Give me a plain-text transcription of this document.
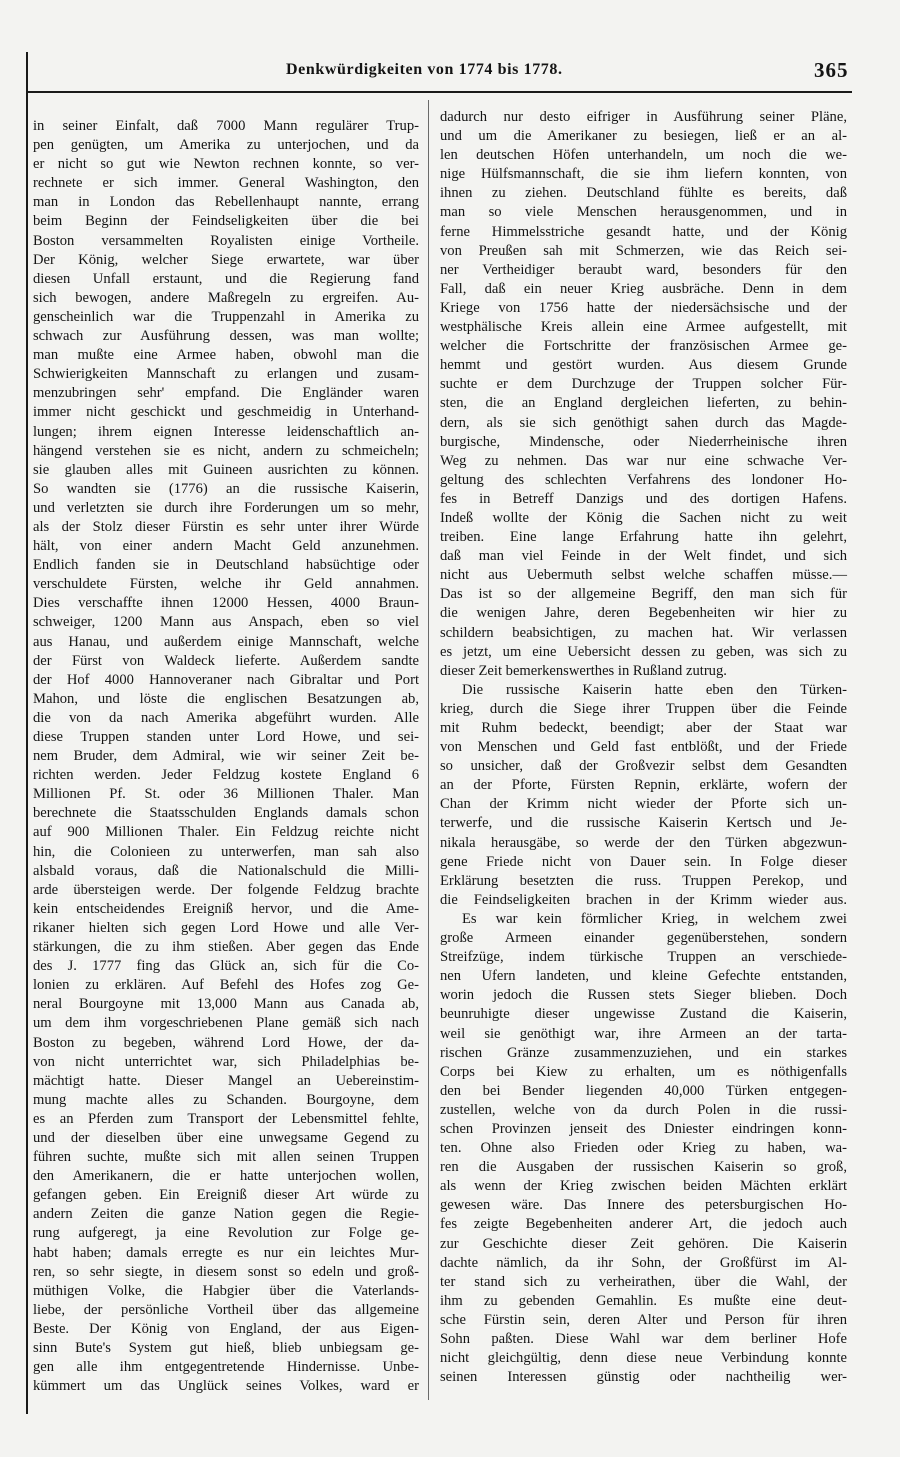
Denkwürdigkeiten von 1774 bis 1778.	365
in seiner Einfalt, daß 7000 Mann regulärer Trup-
pen genügten, um Amerika zu unterjochen, und da
er nicht so gut wie Newton rechnen konnte, so ver-
rechnete er sich immer. General Washington, den
man in London das Rebellenhaupt nannte, errang
beim Beginn der Feindseligkeiten über die bei
Boston versammelten Royalisten einige Vortheile.
Der König, welcher Siege erwartete, war über
diesen Unfall erstaunt, und die Regierung fand
sich bewogen, andere Maßregeln zu ergreifen. Au-
genscheinlich war die Truppenzahl in Amerika zu
schwach zur Ausführung dessen, was man wollte;
man mußte eine Armee haben, obwohl man die
Schwierigkeiten Mannschaft zu erlangen und zusam-
menzubringen sehr' empfand. Die Engländer waren
immer nicht geschickt und geschmeidig in Unterhand-
lungen; ihrem eignen Interesse leidenschaftlich an-
hängend verstehen sie es nicht, andern zu schmeicheln;
sie glauben alles mit Guineen ausrichten zu können.
So wandten sie (1776) an die russische Kaiserin,
und verletzten sie durch ihre Forderungen um so mehr,
als der Stolz dieser Fürstin es sehr unter ihrer Würde
hält, von einer andern Macht Geld anzunehmen.
Endlich fanden sie in Deutschland habsüchtige oder
verschuldete Fürsten, welche ihr Geld annahmen.
Dies verschaffte ihnen 12000 Hessen, 4000 Braun-
schweiger, 1200 Mann aus Anspach, eben so viel
aus Hanau, und außerdem einige Mannschaft, welche
der Fürst von Waldeck lieferte. Außerdem sandte
der Hof 4000 Hannoveraner nach Gibraltar und Port
Mahon, und löste die englischen Besatzungen ab,
die von da nach Amerika abgeführt wurden. Alle
diese Truppen standen unter Lord Howe, und sei-
nem Bruder, dem Admiral, wie wir seiner Zeit be-
richten werden. Jeder Feldzug kostete England 6
Millionen Pf. St. oder 36 Millionen Thaler. Man
berechnete die Staatsschulden Englands damals schon
auf 900 Millionen Thaler. Ein Feldzug reichte nicht
hin, die Colonieen zu unterwerfen, man sah also
alsbald voraus, daß die Nationalschuld die Milli-
arde übersteigen werde. Der folgende Feldzug brachte
kein entscheidendes Ereigniß hervor, und die Ame-
rikaner hielten sich gegen Lord Howe und alle Ver-
stärkungen, die zu ihm stießen. Aber gegen das Ende
des J. 1777 fing das Glück an, sich für die Co-
lonien zu erklären. Auf Befehl des Hofes zog Ge-
neral Bourgoyne mit 13,000 Mann aus Canada ab,
um dem ihm vorgeschriebenen Plane gemäß sich nach
Boston zu begeben, während Lord Howe, der da-
von nicht unterrichtet war, sich Philadelphias be-
mächtigt hatte. Dieser Mangel an Uebereinstim-
mung machte alles zu Schanden. Bourgoyne, dem
es an Pferden zum Transport der Lebensmittel fehlte,
und der dieselben über eine unwegsame Gegend zu
führen suchte, mußte sich mit allen seinen Truppen
den Amerikanern, die er hatte unterjochen wollen,
gefangen geben. Ein Ereigniß dieser Art würde zu
andern Zeiten die ganze Nation gegen die Regie-
rung aufgeregt, ja eine Revolution zur Folge ge-
habt haben; damals erregte es nur ein leichtes Mur-
ren, so sehr siegte, in diesem sonst so edeln und groß-
müthigen Volke, die Habgier über die Vaterlands-
liebe, der persönliche Vortheil über das allgemeine
Beste. Der König von England, der aus Eigen-
sinn Bute's System gut hieß, blieb unbiegsam ge-
gen alle ihm entgegentretende Hindernisse. Unbe-
kümmert um das Unglück seines Volkes, ward er
dadurch nur desto eifriger in Ausführung seiner Pläne,
und um die Amerikaner zu besiegen, ließ er an al-
len deutschen Höfen unterhandeln, um noch die we-
nige Hülfsmannschaft, die sie ihm liefern konnten, von
ihnen zu ziehen. Deutschland fühlte es bereits, daß
man so viele Menschen herausgenommen, und in
ferne Himmelsstriche gesandt hatte, und der König
von Preußen sah mit Schmerzen, wie das Reich sei-
ner Vertheidiger beraubt ward, besonders für den
Fall, daß ein neuer Krieg ausbräche. Denn in dem
Kriege von 1756 hatte der niedersächsische und der
westphälische Kreis allein eine Armee aufgestellt, mit
welcher die Fortschritte der französischen Armee ge-
hemmt und gestört wurden. Aus diesem Grunde
suchte er dem Durchzuge der Truppen solcher Für-
sten, die an England dergleichen lieferten, zu behin-
dern, als sie sich genöthigt sahen durch das Magde-
burgische, Mindensche, oder Niederrheinische ihren
Weg zu nehmen. Das war nur eine schwache Ver-
geltung des schlechten Verfahrens des londoner Ho-
fes in Betreff Danzigs und des dortigen Hafens.
Indeß wollte der König die Sachen nicht zu weit
treiben. Eine lange Erfahrung hatte ihn gelehrt,
daß man viel Feinde in der Welt findet, und sich
nicht aus Uebermuth selbst welche schaffen müsse.—
Das ist so der allgemeine Begriff, den man sich für
die wenigen Jahre, deren Begebenheiten wir hier zu
schildern beabsichtigen, zu machen hat. Wir verlassen
es jetzt, um eine Uebersicht dessen zu geben, was sich zu
dieser Zeit bemerkenswerthes in Rußland zutrug.
Die russische Kaiserin hatte eben den Türken-
krieg, durch die Siege ihrer Truppen über die Feinde
mit Ruhm bedeckt, beendigt; aber der Staat war
von Menschen und Geld fast entblößt, und der Friede
so unsicher, daß der Großvezir selbst dem Gesandten
an der Pforte, Fürsten Repnin, erklärte, wofern der
Chan der Krimm nicht wieder der Pforte sich un-
terwerfe, und die russische Kaiserin Kertsch und Je-
nikala herausgäbe, so werde der den Türken abgezwun-
gene Friede nicht von Dauer sein. In Folge dieser
Erklärung besetzten die russ. Truppen Perekop, und
die Feindseligkeiten brachen in der Krimm wieder aus.
Es war kein förmlicher Krieg, in welchem zwei
große Armeen einander gegenüberstehen, sondern
Streifzüge, indem türkische Truppen an verschiede-
nen Ufern landeten, und kleine Gefechte entstanden,
worin jedoch die Russen stets Sieger blieben. Doch
beunruhigte dieser ungewisse Zustand die Kaiserin,
weil sie genöthigt war, ihre Armeen an der tarta-
rischen Gränze zusammenzuziehen, und ein starkes
Corps bei Kiew zu erhalten, um es nöthigenfalls
den bei Bender liegenden 40,000 Türken entgegen-
zustellen, welche von da durch Polen in die russi-
schen Provinzen jenseit des Dniester eindringen konn-
ten. Ohne also Frieden oder Krieg zu haben, wa-
ren die Ausgaben der russischen Kaiserin so groß,
als wenn der Krieg zwischen beiden Mächten erklärt
gewesen wäre. Das Innere des petersburgischen Ho-
fes zeigte Begebenheiten anderer Art, die jedoch auch
zur Geschichte dieser Zeit gehören. Die Kaiserin
dachte nämlich, da ihr Sohn, der Großfürst im Al-
ter stand sich zu verheirathen, über die Wahl, der
ihm zu gebenden Gemahlin. Es mußte eine deut-
sche Fürstin sein, deren Alter und Person für ihren
Sohn paßten. Diese Wahl war dem berliner Hofe
nicht gleichgültig, denn diese neue Verbindung konnte
seinen Interessen günstig oder nachtheilig wer-
